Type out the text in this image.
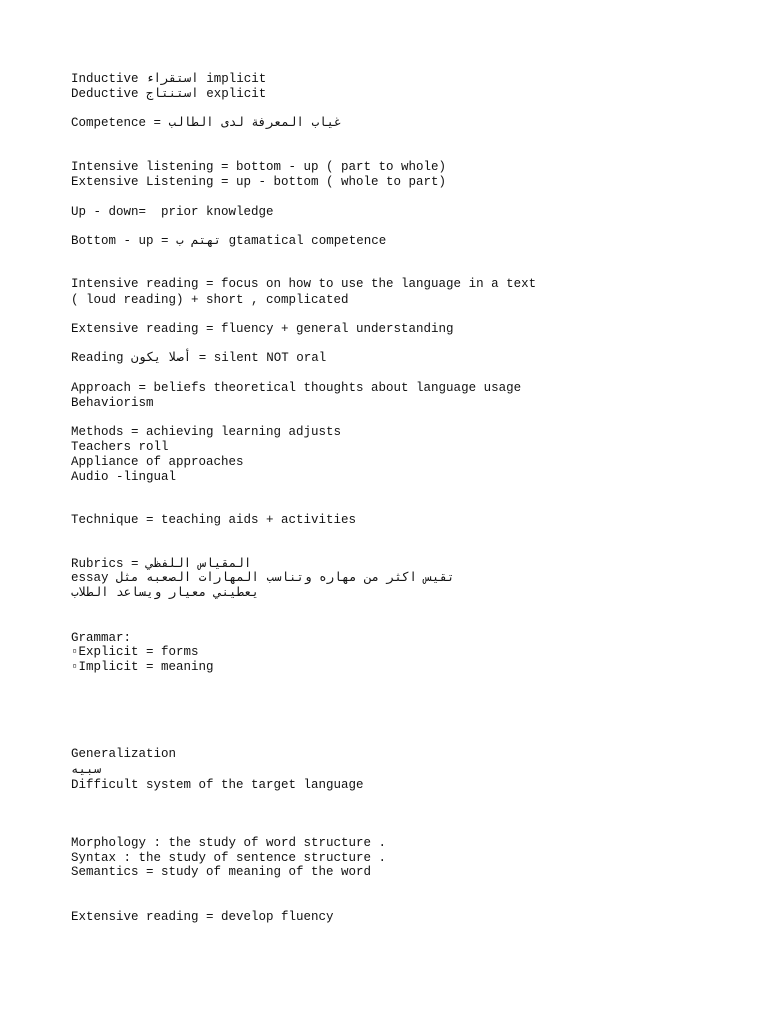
Inductive استقراء implicit
Deductive استنتاج explicit
Competence = غياب المعرفة لدى الطالب
Intensive listening = bottom - up ( part to whole)
Extensive Listening = up - bottom ( whole to part)
Up - down=  prior knowledge
Bottom - up = تهتم ب gtamatical competence
Intensive reading = focus on how to use the language in a text
( loud reading) + short , complicated
Extensive reading = fluency + general understanding
Reading أصلا يكون = silent NOT oral
Approach = beliefs theoretical thoughts about language usage
Behaviorism
Methods = achieving learning adjusts
Teachers roll
Appliance of approaches
Audio -lingual
Technique = teaching aids + activities
Rubrics = المقياس اللفظي
essay تقيس اكثر من مهاره وتناسب المهارات الصعبه مثل
يعطيني معيار ويساعد الطلاب
Grammar:
▫Explicit = forms
▫Implicit = meaning
Generalization
سبيه
Difficult system of the target language
Morphology : the study of word structure .
Syntax : the study of sentence structure .
Semantics = study of meaning of the word
Extensive reading = develop fluency
